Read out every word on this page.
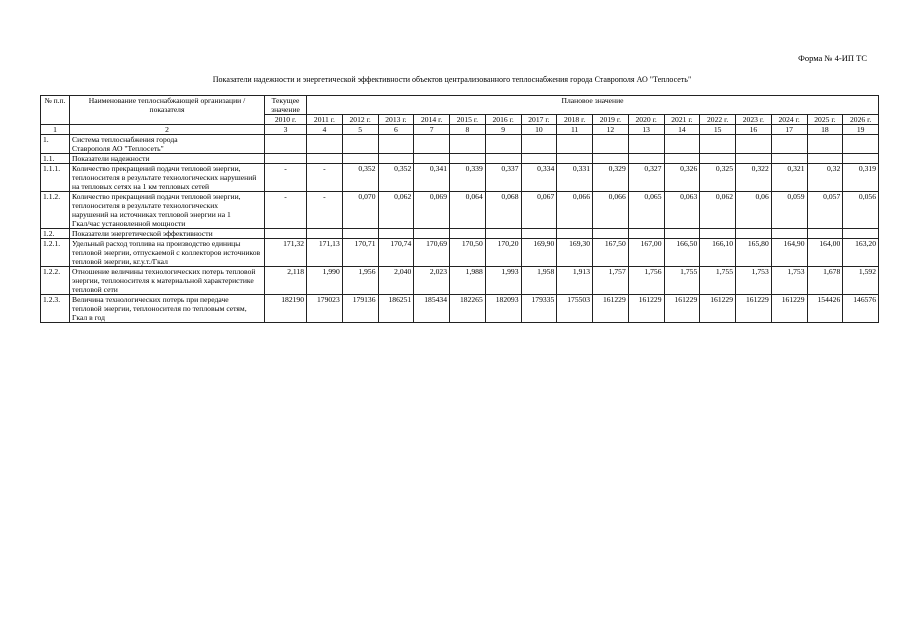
Форма № 4-ИП ТС
Показатели надежности и энергетической эффективности объектов централизованного теплоснабжения города Ставрополя АО "Теплосеть"
№ п.п.	Наименование теплоснабжающей организации / показателя	Текущее значение	Плановое значение															
		2010 г.	2011 г.	2012 г.	2013 г.	2014 г.	2015 г.	2016 г.	2017 г.	2018 г.	2019 г.	2020 г.	2021 г.	2022 г.	2023 г.	2024 г.	2025 г.	2026 г.
1	2	3	4	5	6	7	8	9	10	11	12	13	14	15	16	17	18	19
1.	Система теплоснабжения города Ставрополя АО "Теплосеть"																	

1.1.	Показатели надежности																	

1.1.1.	Количество прекращений подачи тепловой энергии, теплоносителя в результате технологических нарушений на тепловых сетях на 1 км тепловых сетей	-	-	0,352	0,352	0,341	0,339	0,337	0,334	0,331	0,329	0,327	0,326	0,325	0,322	0,321	0,32	0,319
1.1.2.	Количество прекращений подачи тепловой энергии, теплоносителя в результате технологических нарушений на источниках тепловой энергии на 1 Гкал/час установленной мощности	-	-	0,070	0,062	0,069	0,064	0,068	0,067	0,066	0,066	0,065	0,063	0,062	0,06	0,059	0,057	0,056
1.2.	Показатели энергетической эффективности																	

1.2.1.	Удельный расход топлива на производство единицы тепловой энергии, отпускаемой с коллекторов источников тепловой энергии, кг.у.т./Гкал	171,32	171,13	170,71	170,74	170,69	170,50	170,20	169,90	169,30	167,50	167,00	166,50	166,10	165,80	164,90	164,00	163,20
1.2.2.	Отношение величины технологических потерь тепловой энергии, теплоносителя к материальной характеристике тепловой сети	2,118	1,990	1,956	2,040	2,023	1,988	1,993	1,958	1,913	1,757	1,756	1,755	1,755	1,753	1,753	1,678	1,592
1.2.3.	Величина технологических потерь при передаче тепловой энергии, теплоносителя по тепловым сетям, Гкал в год	182190	179023	179136	186251	185434	182265	182093	179335	175503	161229	161229	161229	161229	161229	161229	154426	146576
